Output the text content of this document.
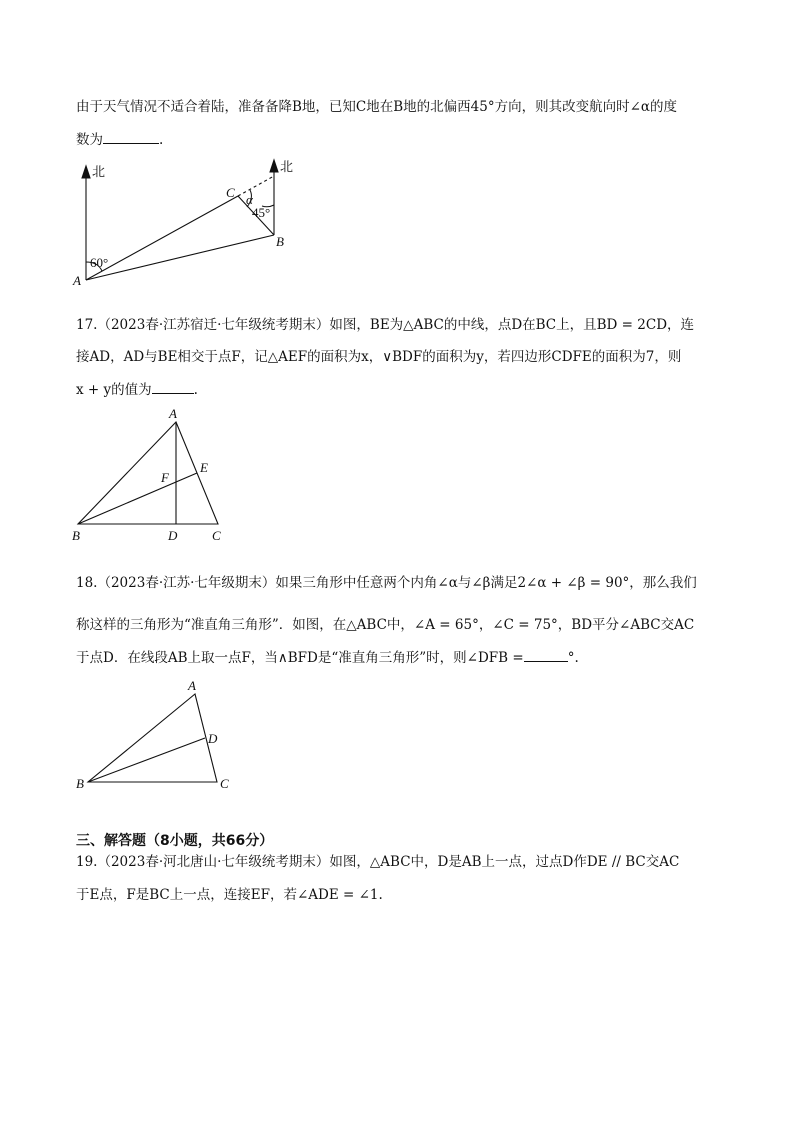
由于天气情况不适合着陆，准备备降B地，已知C地在B地的北偏西45°方向，则其改变航向时∠α的度
数为	.
北	北
60°
α
45°
A
B
C
17.（2023春·江苏宿迁·七年级统考期末）如图，BE为△ABC的中线，点D在BC上，且BD = 2CD，连
接AD，AD与BE相交于点F，记△AEF的面积为x，∨BDF的面积为y，若四边形CDFE的面积为7，则
x + y的值为	.
A
B	C
D
E
F
18.（2023春·江苏·七年级期末）如果三角形中任意两个内角∠α与∠β满足2∠α + ∠β = 90°，那么我们
称这样的三角形为“准直角三角形”．如图，在△ABC中，∠A = 65°，∠C = 75°，BD平分∠ABC交AC
于点D．在线段AB上取一点F，当∧BFD是“准直角三角形”时，则∠DFB =	°.
A
B	C
D
三、解答题（8小题，共66分）
19.（2023春·河北唐山·七年级统考期末）如图，△ABC中，D是AB上一点，过点D作DE // BC交AC
于E点，F是BC上一点，连接EF，若∠ADE = ∠1.
